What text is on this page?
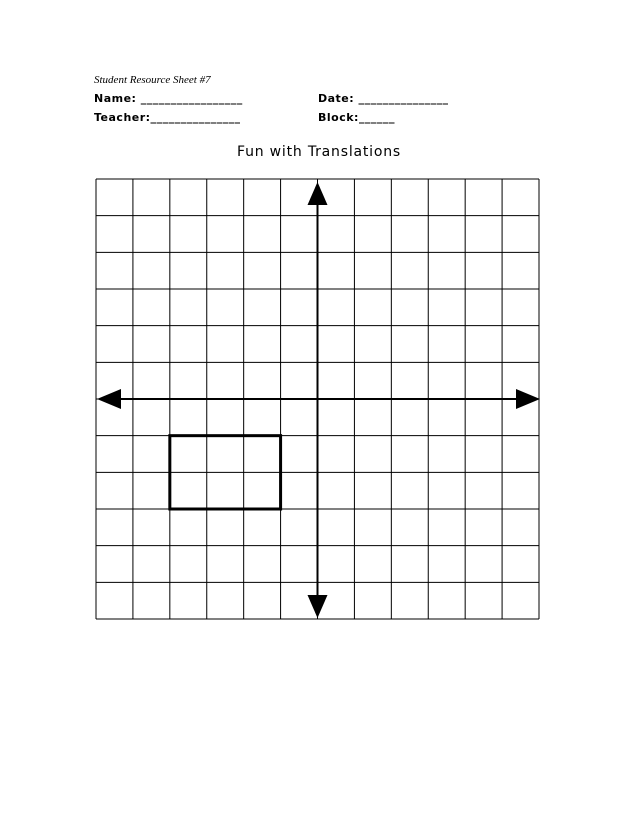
Student Resource Sheet #7
Name: _________________	Date: _______________
Teacher:_______________	Block:______
Fun with Translations
